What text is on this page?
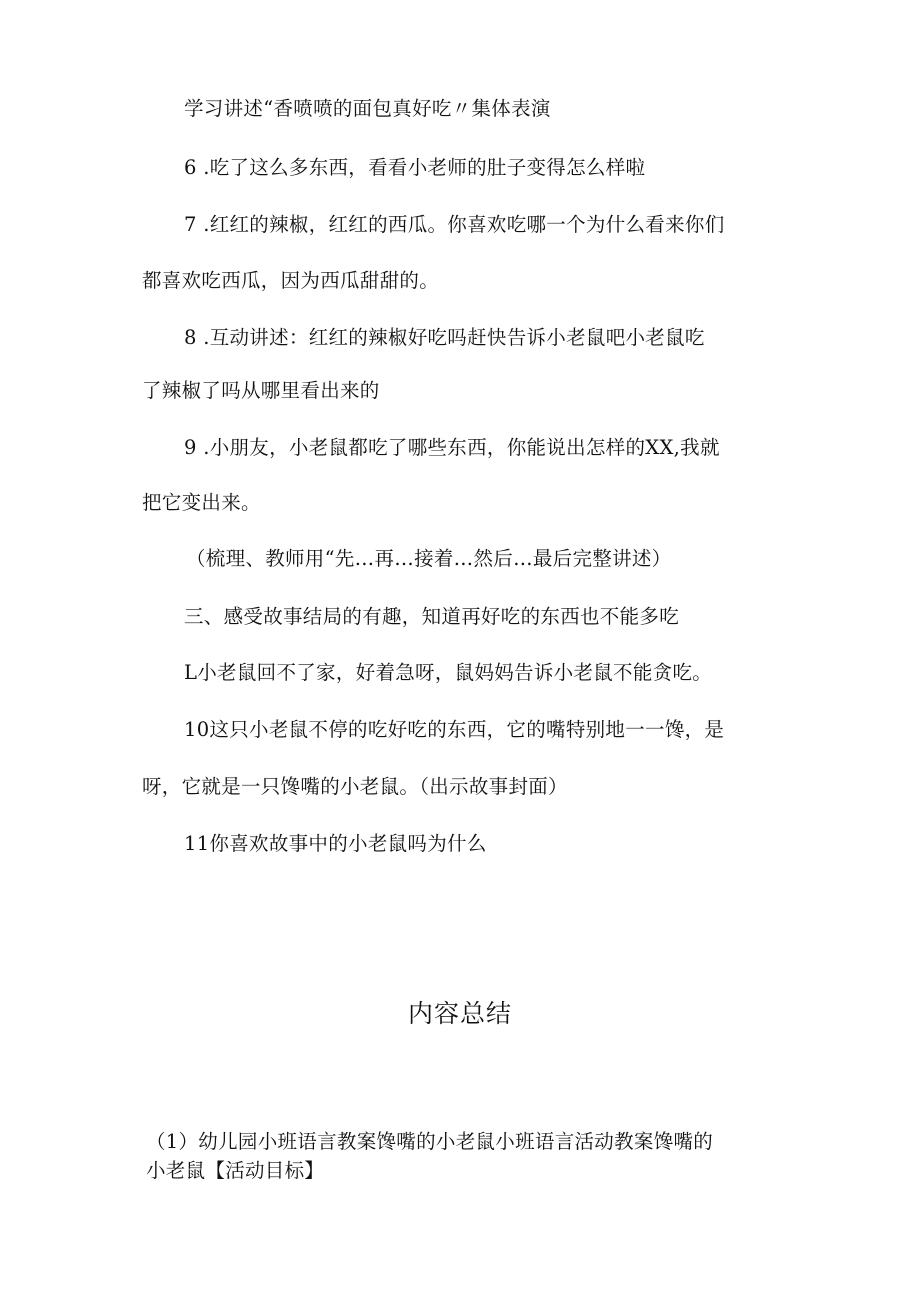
学习讲述“香喷喷的面包真好吃〃集体表演
6 .吃了这么多东西，看看小老师的肚子变得怎么样啦
7 .红红的辣椒，红红的西瓜。你喜欢吃哪一个为什么看来你们
都喜欢吃西瓜，因为西瓜甜甜的。
8 .互动讲述：红红的辣椒好吃吗赶快告诉小老鼠吧小老鼠吃
了辣椒了吗从哪里看出来的
9 .小朋友，小老鼠都吃了哪些东西，你能说出怎样的XX,我就
把它变出来。
（梳理、教师用“先…再…接着…然后…最后完整讲述）
三、感受故事结局的有趣，知道再好吃的东西也不能多吃
L小老鼠回不了家，好着急呀，鼠妈妈告诉小老鼠不能贪吃。
10这只小老鼠不停的吃好吃的东西，它的嘴特别地一一馋，是
呀，它就是一只馋嘴的小老鼠。（出示故事封面）
11你喜欢故事中的小老鼠吗为什么
内容总结
（1）幼儿园小班语言教案馋嘴的小老鼠小班语言活动教案馋嘴的
小老鼠【活动目标】
